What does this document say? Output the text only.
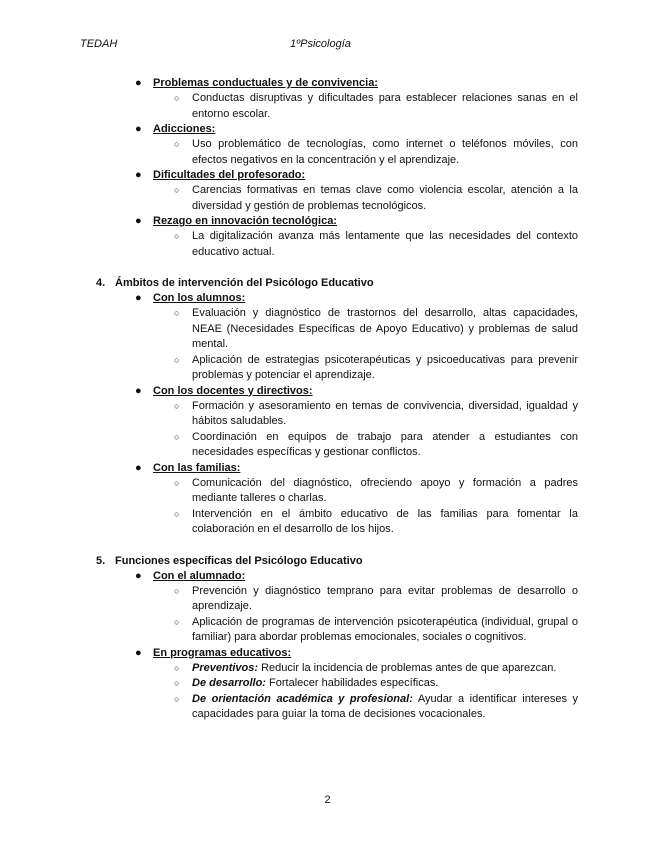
TEDAH	1ºPsicología
● Problemas conductuales y de convivencia:
○ Conductas disruptivas y dificultades para establecer relaciones sanas en el entorno escolar.
● Adicciones:
○ Uso problemático de tecnologías, como internet o teléfonos móviles, con efectos negativos en la concentración y el aprendizaje.
● Dificultades del profesorado:
○ Carencias formativas en temas clave como violencia escolar, atención a la diversidad y gestión de problemas tecnológicos.
● Rezago en innovación tecnológica:
○ La digitalización avanza más lentamente que las necesidades del contexto educativo actual.
4. Ámbitos de intervención del Psicólogo Educativo
● Con los alumnos:
○ Evaluación y diagnóstico de trastornos del desarrollo, altas capacidades, NEAE (Necesidades Específicas de Apoyo Educativo) y problemas de salud mental.
○ Aplicación de estrategias psicoterapéuticas y psicoeducativas para prevenir problemas y potenciar el aprendizaje.
● Con los docentes y directivos:
○ Formación y asesoramiento en temas de convivencia, diversidad, igualdad y hábitos saludables.
○ Coordinación en equipos de trabajo para atender a estudiantes con necesidades específicas y gestionar conflictos.
● Con las familias:
○ Comunicación del diagnóstico, ofreciendo apoyo y formación a padres mediante talleres o charlas.
○ Intervención en el ámbito educativo de las familias para fomentar la colaboración en el desarrollo de los hijos.
5. Funciones específicas del Psicólogo Educativo
● Con el alumnado:
○ Prevención y diagnóstico temprano para evitar problemas de desarrollo o aprendizaje.
○ Aplicación de programas de intervención psicoterapéutica (individual, grupal o familiar) para abordar problemas emocionales, sociales o cognitivos.
● En programas educativos:
○ Preventivos: Reducir la incidencia de problemas antes de que aparezcan.
○ De desarrollo: Fortalecer habilidades específicas.
○ De orientación académica y profesional: Ayudar a identificar intereses y capacidades para guiar la toma de decisiones vocacionales.
2
